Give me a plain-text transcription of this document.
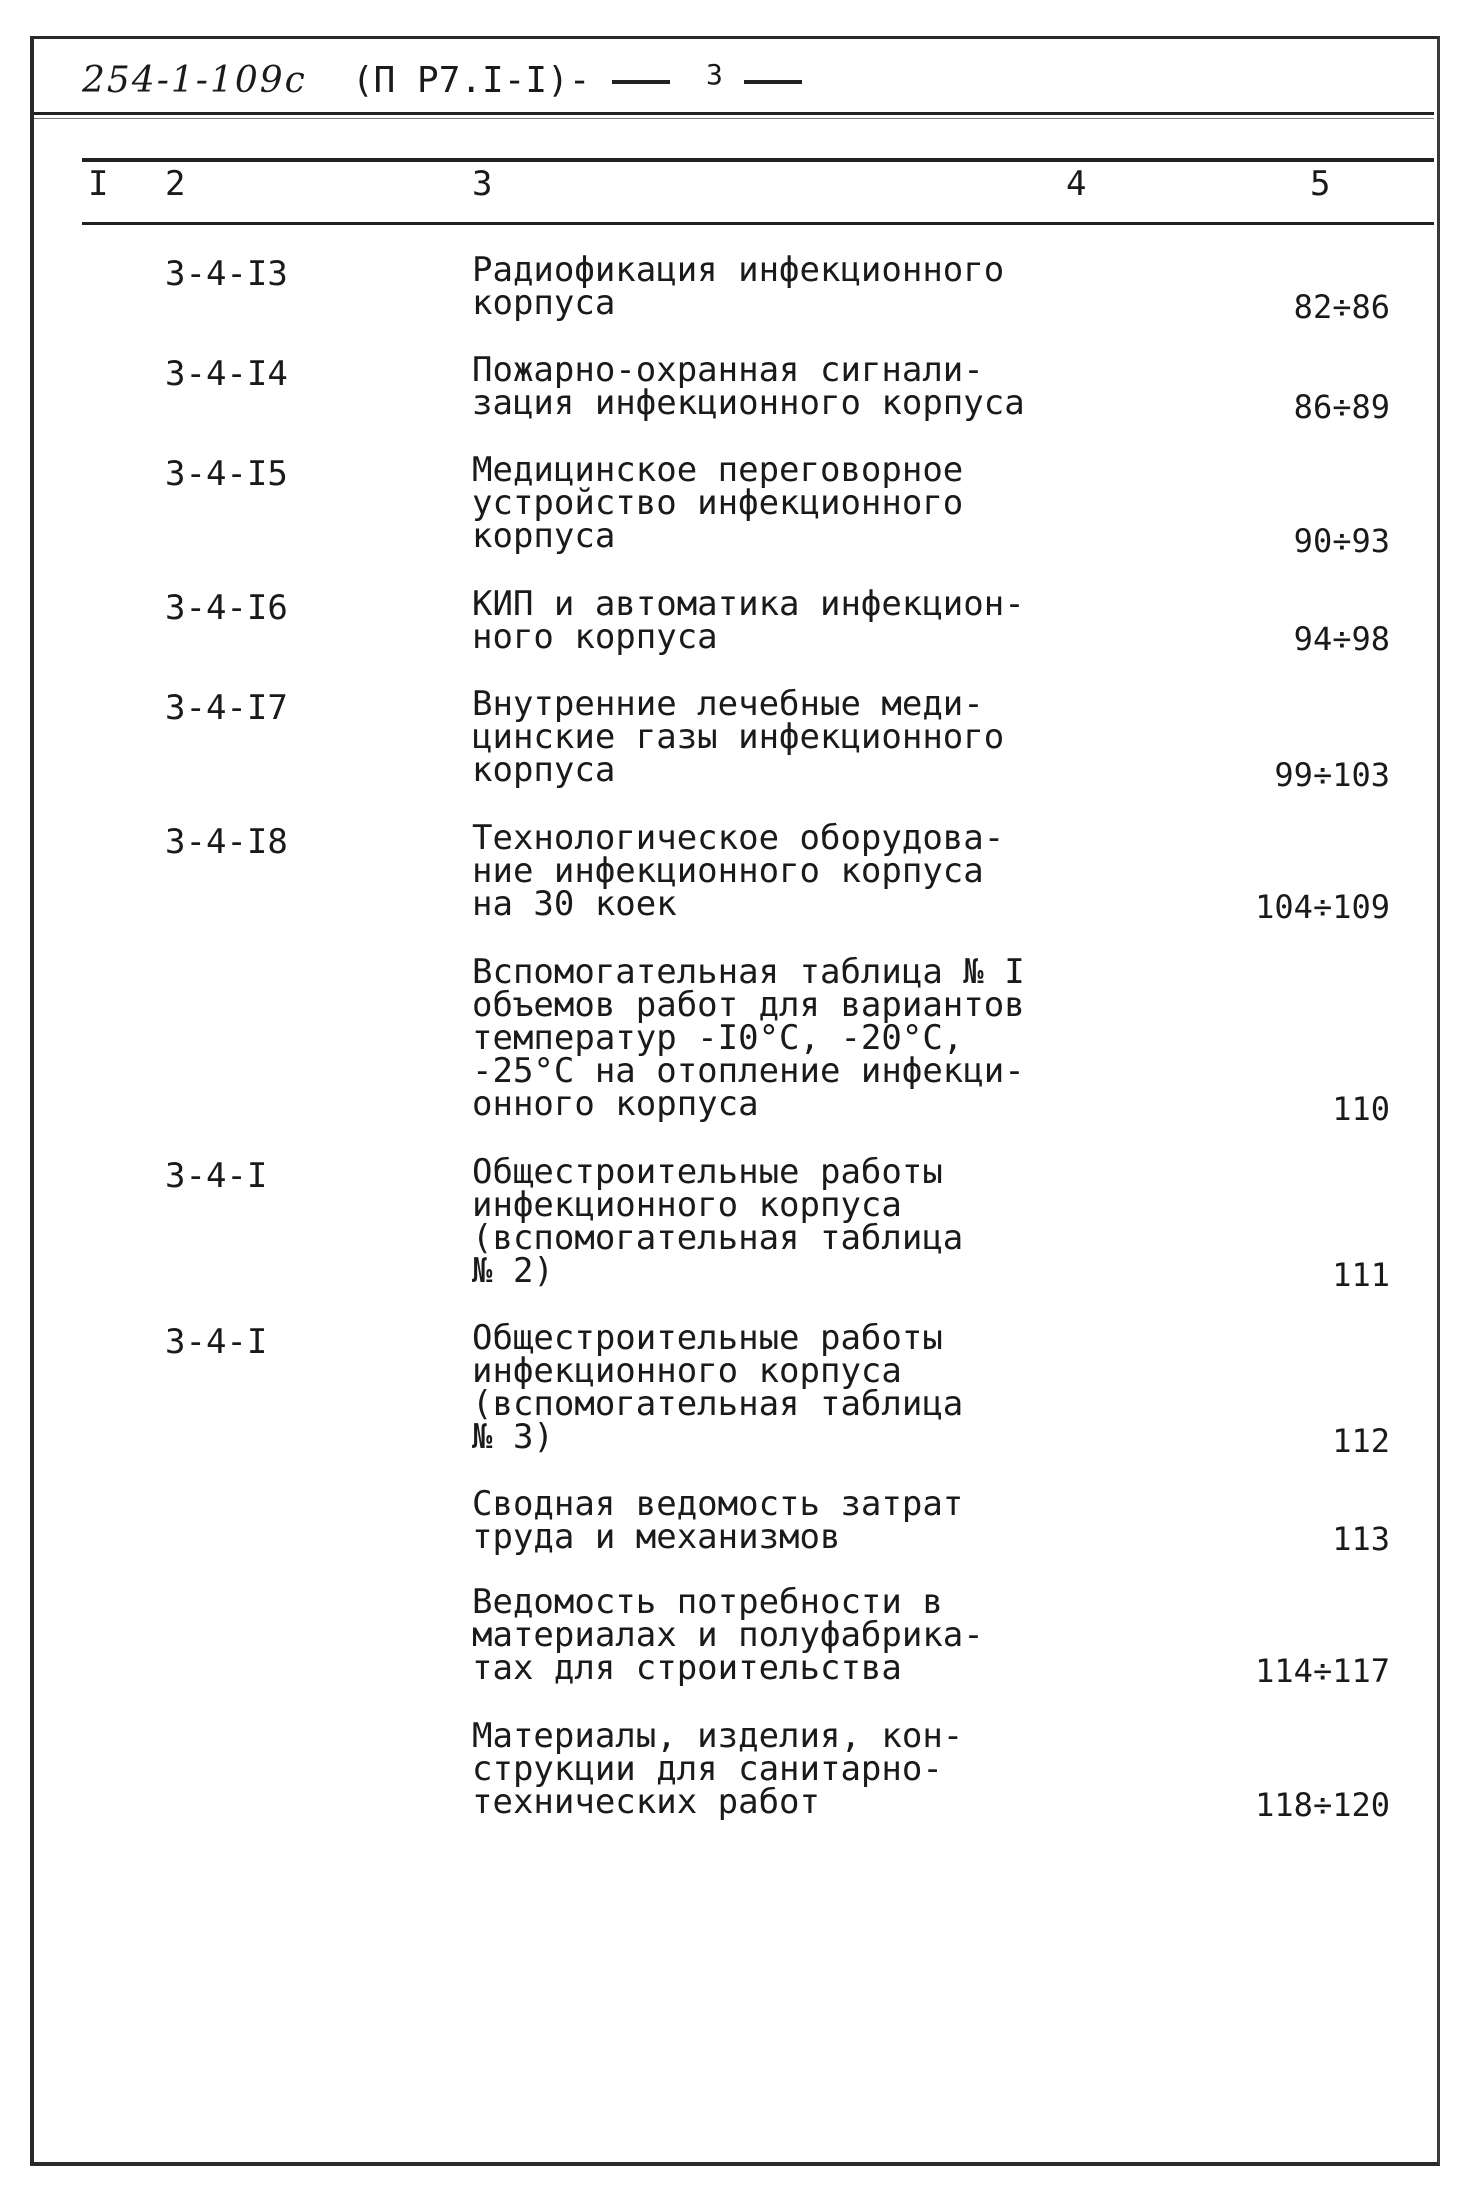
254-1-109с (П Р7.I-I)-	3
I 2	3	4	5
3-4-I3	Радиофикация инфекционного
корпуса	82÷86
3-4-I4	Пожарно-охранная сигнали-
зация инфекционного корпуса	86÷89
3-4-I5	Медицинское переговорное
устройство инфекционного
корпуса	90÷93
3-4-I6	КИП и автоматика инфекцион-
ного корпуса	94÷98
3-4-I7	Внутренние лечебные меди-
цинские газы инфекционного
корпуса	99÷103
3-4-I8	Технологическое оборудова-
ние инфекционного корпуса
на 30 коек	104÷109
Вспомогательная таблица № I
объемов работ для вариантов
температур -I0°С, -20°С,
-25°С на отопление инфекци-
онного корпуса	110
3-4-I	Общестроительные работы
инфекционного корпуса
(вспомогательная таблица
№ 2)	111
3-4-I	Общестроительные работы
инфекционного корпуса
(вспомогательная таблица
№ 3)	112
Сводная ведомость затрат
труда и механизмов	113
Ведомость потребности в
материалах и полуфабрика-
тах для строительства	114÷117
Материалы, изделия, кон-
струкции для санитарно-
технических работ	118÷120
